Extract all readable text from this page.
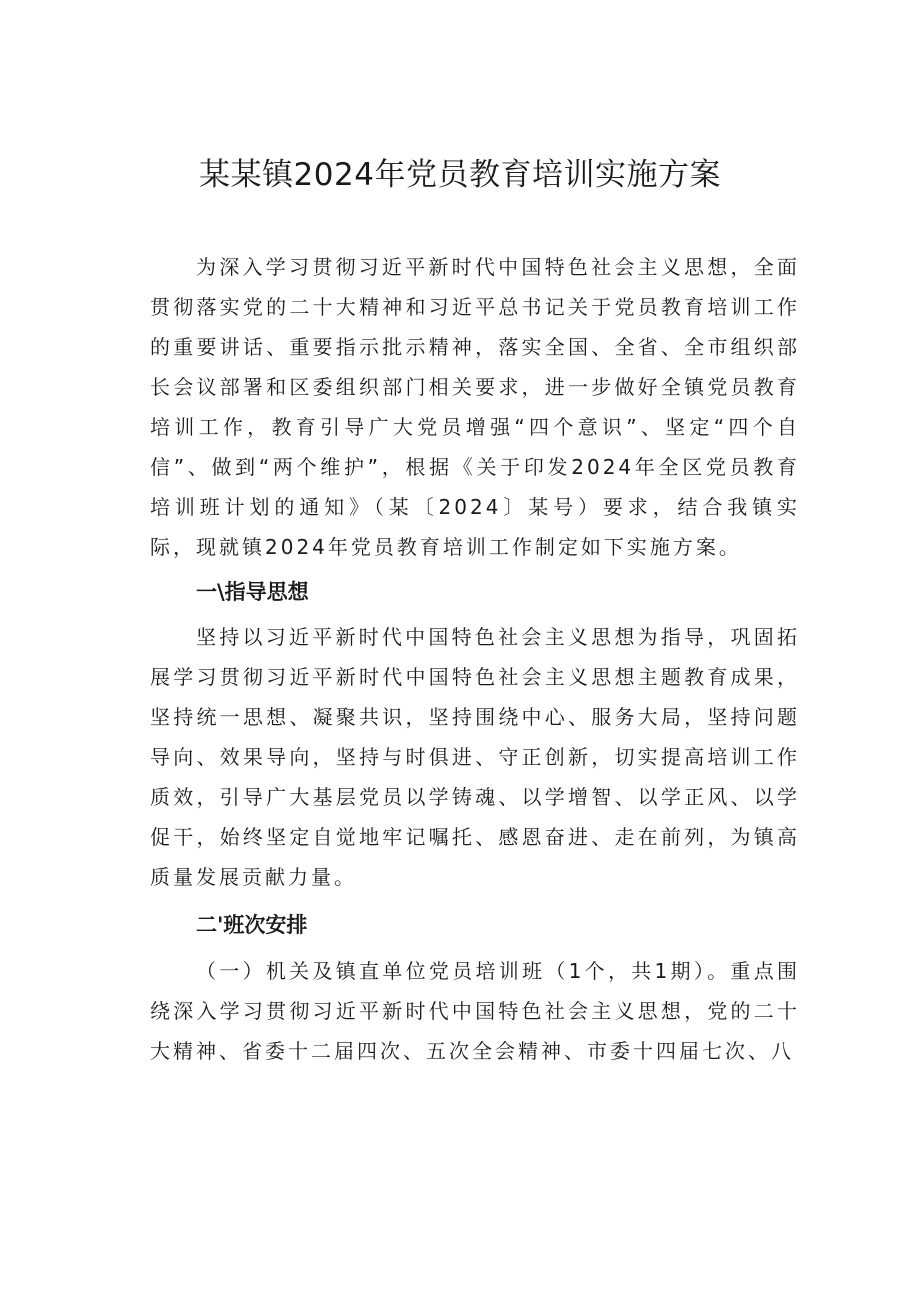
某某镇2024年党员教育培训实施方案

为深入学习贯彻习近平新时代中国特色社会主义思想，全面贯彻落实党的二十大精神和习近平总书记关于党员教育培训工作的重要讲话、重要指示批示精神，落实全国、全省、全市组织部长会议部署和区委组织部门相关要求，进一步做好全镇党员教育培训工作，教育引导广大党员增强“四个意识”、坚定“四个自信”、做到“两个维护”，根据《关于印发2024年全区党员教育培训班计划的通知》（某〔2024〕某号）要求，结合我镇实际，现就镇2024年党员教育培训工作制定如下实施方案。

一\指导思想

坚持以习近平新时代中国特色社会主义思想为指导，巩固拓展学习贯彻习近平新时代中国特色社会主义思想主题教育成果，坚持统一思想、凝聚共识，坚持围绕中心、服务大局，坚持问题导向、效果导向，坚持与时俱进、守正创新，切实提高培训工作质效，引导广大基层党员以学铸魂、以学增智、以学正风、以学促干，始终坚定自觉地牢记嘱托、感恩奋进、走在前列，为镇高质量发展贡献力量。

二'班次安排

（一）机关及镇直单位党员培训班（1个，共1期）。重点围绕深入学习贯彻习近平新时代中国特色社会主义思想，党的二十大精神、省委十二届四次、五次全会精神、市委十四届七次、八
